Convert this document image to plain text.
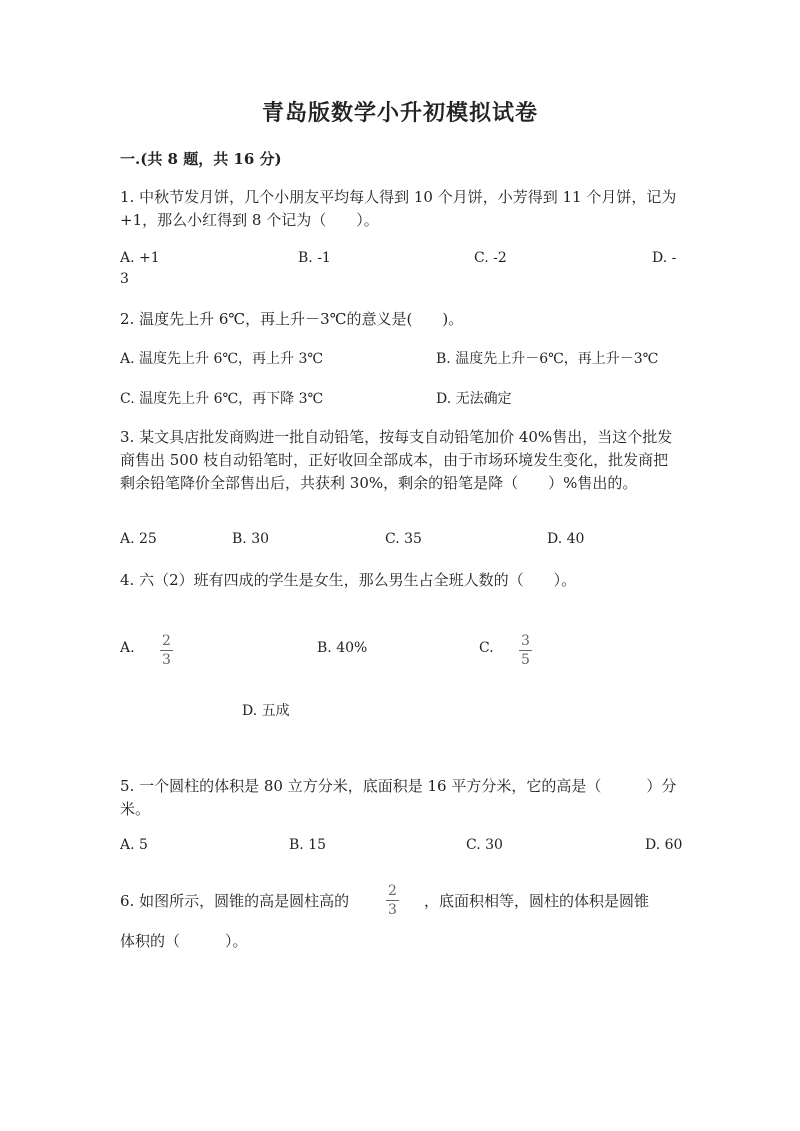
青岛版数学小升初模拟试卷
一.(共 8 题，共 16 分)
1. 中秋节发月饼，几个小朋友平均每人得到 10 个月饼，小芳得到 11 个月饼，记为+1，那么小红得到 8 个记为（　　）。
A. +1	B. -1	C. -2	D. -
3
2. 温度先上升 6℃，再上升－3℃的意义是(　　)。
A. 温度先上升 6℃，再上升 3℃	B. 温度先上升－6℃，再上升－3℃
C. 温度先上升 6℃，再下降 3℃	D. 无法确定
3. 某文具店批发商购进一批自动铅笔，按每支自动铅笔加价 40%售出，当这个批发商售出 500 枝自动铅笔时，正好收回全部成本，由于市场环境发生变化，批发商把剩余铅笔降价全部售出后，共获利 30%，剩余的铅笔是降（　　）%售出的。
A. 25	B. 30	C. 35	D. 40
4. 六（2）班有四成的学生是女生，那么男生占全班人数的（　　）。
A. 2
3
B. 40%	C. 3
5
D. 五成
5. 一个圆柱的体积是 80 立方分米，底面积是 16 平方分米，它的高是（　　　）分米。
A. 5	B. 15	C. 30	D. 60
6. 如图所示，圆锥的高是圆柱高的
2
3 ，底面积相等，圆柱的体积是圆锥
体积的（　　　）。
